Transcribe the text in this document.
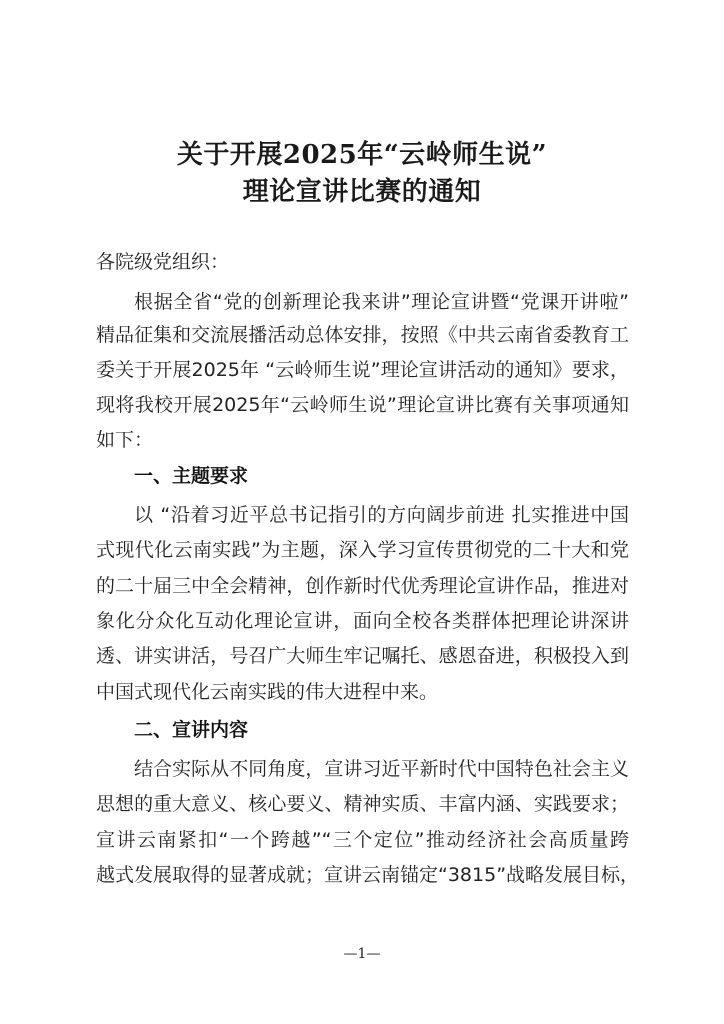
关于开展2025年“云岭师生说”
理论宣讲比赛的通知
各院级党组织：
根据全省“党的创新理论我来讲”理论宣讲暨“党课开讲啦”
精品征集和交流展播活动总体安排，按照《中共云南省委教育工
委关于开展2025年 “云岭师生说”理论宣讲活动的通知》要求，
现将我校开展2025年“云岭师生说”理论宣讲比赛有关事项通知
如下：
一、主题要求
以 “沿着习近平总书记指引的方向阔步前进 扎实推进中国
式现代化云南实践”为主题，深入学习宣传贯彻党的二十大和党
的二十届三中全会精神，创作新时代优秀理论宣讲作品，推进对
象化分众化互动化理论宣讲，面向全校各类群体把理论讲深讲
透、讲实讲活，号召广大师生牢记嘱托、感恩奋进，积极投入到
中国式现代化云南实践的伟大进程中来。
二、宣讲内容
结合实际从不同角度，宣讲习近平新时代中国特色社会主义
思想的重大意义、核心要义、精神实质、丰富内涵、实践要求；
宣讲云南紧扣“一个跨越”“三个定位”推动经济社会高质量跨
越式发展取得的显著成就；宣讲云南锚定“3815”战略发展目标，
—1—
